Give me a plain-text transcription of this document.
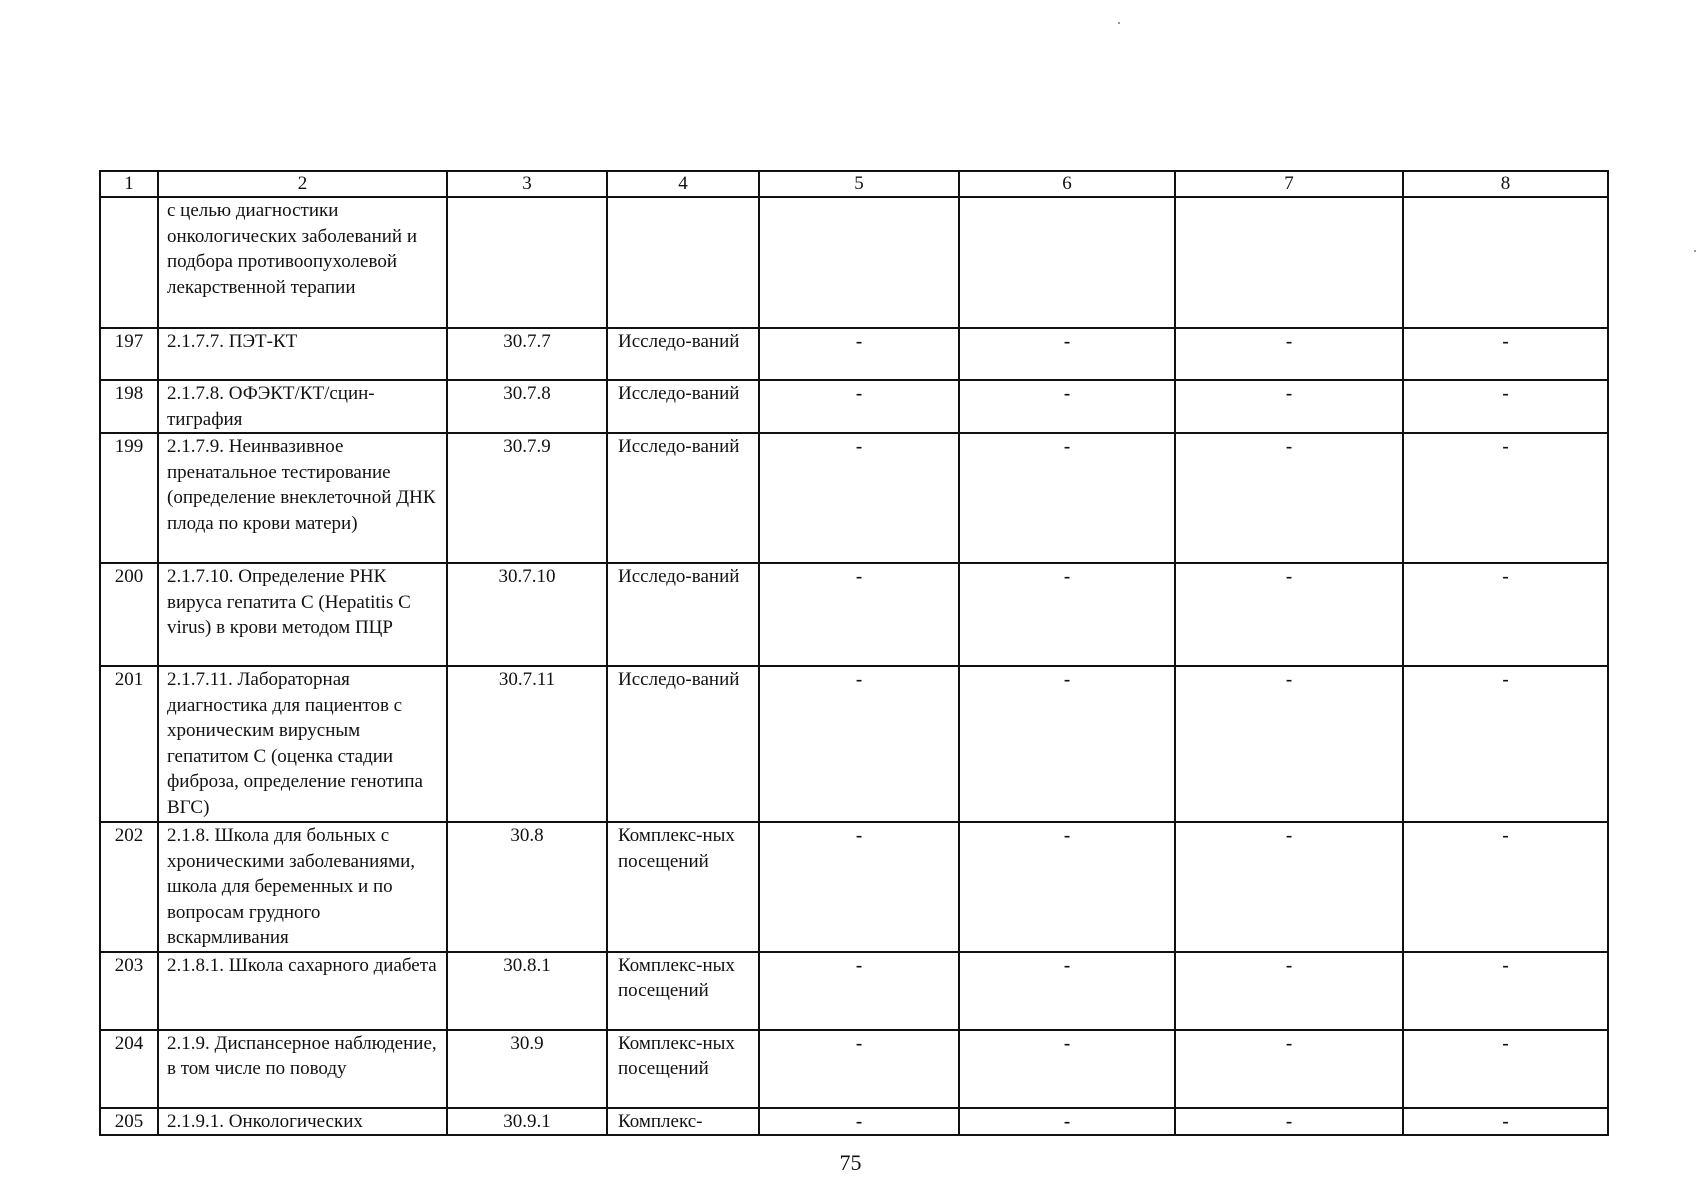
1	2	3	4	5	6	7	8
	с целью диагностики онкологических заболеваний и подбора противоопухолевой лекарственной терапии						
197	2.1.7.7. ПЭТ-КТ	30.7.7	Исследо-ваний	-	-	-	-
198	2.1.7.8. ОФЭКТ/КТ/сцин-тиграфия	30.7.8	Исследо-ваний	-	-	-	-
199	2.1.7.9. Неинвазивное пренатальное тестирование (определение внеклеточной ДНК плода по крови матери)	30.7.9	Исследо-ваний	-	-	-	-
200	2.1.7.10. Определение РНК вируса гепатита С (Hepatitis C virus) в крови методом ПЦР	30.7.10	Исследо-ваний	-	-	-	-
201	2.1.7.11. Лабораторная диагностика для пациентов с хроническим вирусным гепатитом С (оценка стадии фиброза, определение генотипа ВГС)	30.7.11	Исследо-ваний	-	-	-	-
202	2.1.8. Школа для больных с хроническими заболеваниями, школа для беременных и по вопросам грудного вскармливания	30.8	Комплекс-ных посещений	-	-	-	-
203	2.1.8.1. Школа сахарного диабета	30.8.1	Комплекс-ных посещений	-	-	-	-
204	2.1.9. Диспансерное наблюдение, в том числе по поводу	30.9	Комплекс-ных посещений	-	-	-	-
205	2.1.9.1. Онкологических	30.9.1	Комплекс-	-	-	-	-
75
